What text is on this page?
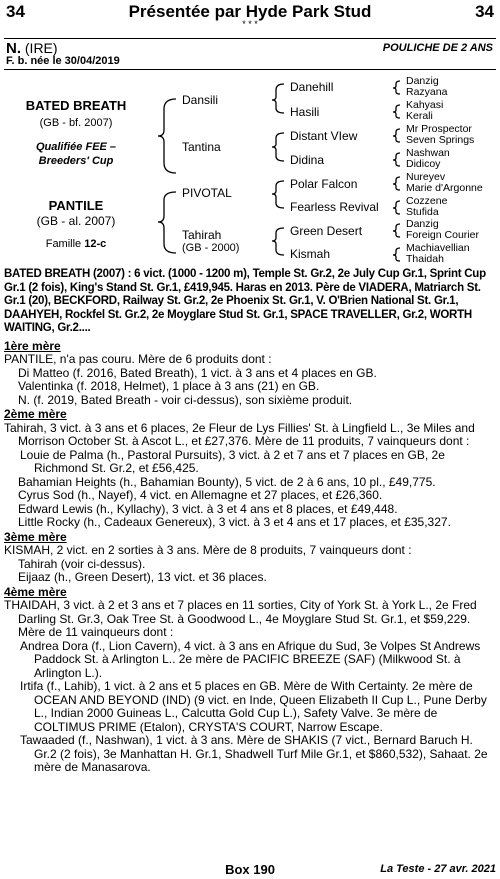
34	Présentée par Hyde Park Stud	34
* * *
N. (IRE)
F. b. née le 30/04/2019
POULICHE DE 2 ANS
BATED BREATH
(GB - bf. 2007)
Qualifiée FEE –
Breeders' Cup
PANTILE
(GB - al. 2007)
Famille 12-c
Dansili
Tantina
PIVOTAL
Tahirah
(GB - 2000)
Danehill
Hasili
Distant VIew
Didina
Polar Falcon
Fearless Revival
Green Desert
Kismah
Danzig
Razyana
Kahyasi
Kerali
Mr Prospector
Seven Springs
Nashwan
Didicoy
Nureyev
Marie d'Argonne
Cozzene
Stufida
Danzig
Foreign Courier
Machiavellian
Thaidah
BATED BREATH (2007) : 6 vict. (1000 - 1200 m), Temple St. Gr.2, 2e July Cup Gr.1, Sprint Cup Gr.1 (2 fois), King's Stand St. Gr.1, £419,945. Haras en 2013. Père de VIADERA, Matriarch St. Gr.1 (20), BECKFORD, Railway St. Gr.2, 2e Phoenix St. Gr.1, V. O'Brien National St. Gr.1, DAAHYEH, Rockfel St. Gr.2, 2e Moyglare Stud St. Gr.1, SPACE TRAVELLER, Gr.2, WORTH WAITING, Gr.2....
1ère mère

PANTILE, n'a pas couru. Mère de 6 produits dont :

Di Matteo (f. 2016, Bated Breath), 1 vict. à 3 ans et 4 places en GB.

Valentinka (f. 2018, Helmet), 1 place à 3 ans (21) en GB.

N. (f. 2019, Bated Breath - voir ci-dessus), son sixième produit.

2ème mère

Tahirah, 3 vict. à 3 ans et 6 places, 2e Fleur de Lys Fillies' St. à Lingfield L., 3e Miles and Morrison October St. à Ascot L., et £27,376. Mère de 11 produits, 7 vainqueurs dont :

Louie de Palma (h., Pastoral Pursuits), 3 vict. à 2 et 7 ans et 7 places en GB, 2e Richmond St. Gr.2, et £56,425.

Bahamian Heights (h., Bahamian Bounty), 5 vict. de 2 à 6 ans, 10 pl., £49,775.

Cyrus Sod (h., Nayef), 4 vict. en Allemagne et 27 places, et £26,360.

Edward Lewis (h., Kyllachy), 3 vict. à 3 et 4 ans et 8 places, et £49,448.

Little Rocky (h., Cadeaux Genereux), 3 vict. à 3 et 4 ans et 17 places, et £35,327.

3ème mère

KISMAH, 2 vict. en 2 sorties à 3 ans. Mère de 8 produits, 7 vainqueurs dont :

Tahirah (voir ci-dessus).

Eijaaz (h., Green Desert), 13 vict. et 36 places.

4ème mère

THAIDAH, 3 vict. à 2 et 3 ans et 7 places en 11 sorties, City of York St. à York L., 2e Fred Darling St. Gr.3, Oak Tree St. à Goodwood L., 4e Moyglare Stud St. Gr.1, et $59,229. Mère de 11 vainqueurs dont :

Andrea Dora (f., Lion Cavern), 4 vict. à 3 ans en Afrique du Sud, 3e Volpes St Andrews Paddock St. à Arlington L.. 2e mère de PACIFIC BREEZE (SAF) (Milkwood St. à Arlington L.).

Irtifa (f., Lahib), 1 vict. à 2 ans et 5 places en GB. Mère de With Certainty. 2e mère de OCEAN AND BEYOND (IND) (9 vict. en Inde, Queen Elizabeth II Cup L., Pune Derby L., Indian 2000 Guineas L., Calcutta Gold Cup L.), Safety Valve. 3e mère de COLTIMUS PRIME (Etalon), CRYSTA'S COURT, Narrow Escape.

Tawaaded (f., Nashwan), 1 vict. à 3 ans. Mère de SHAKIS (7 vict., Bernard Baruch H. Gr.2 (2 fois), 3e Manhattan H. Gr.1, Shadwell Turf Mile Gr.1, et $860,532), Sahaat. 2e mère de Manasarova.

Box 190	La Teste - 27 avr. 2021
